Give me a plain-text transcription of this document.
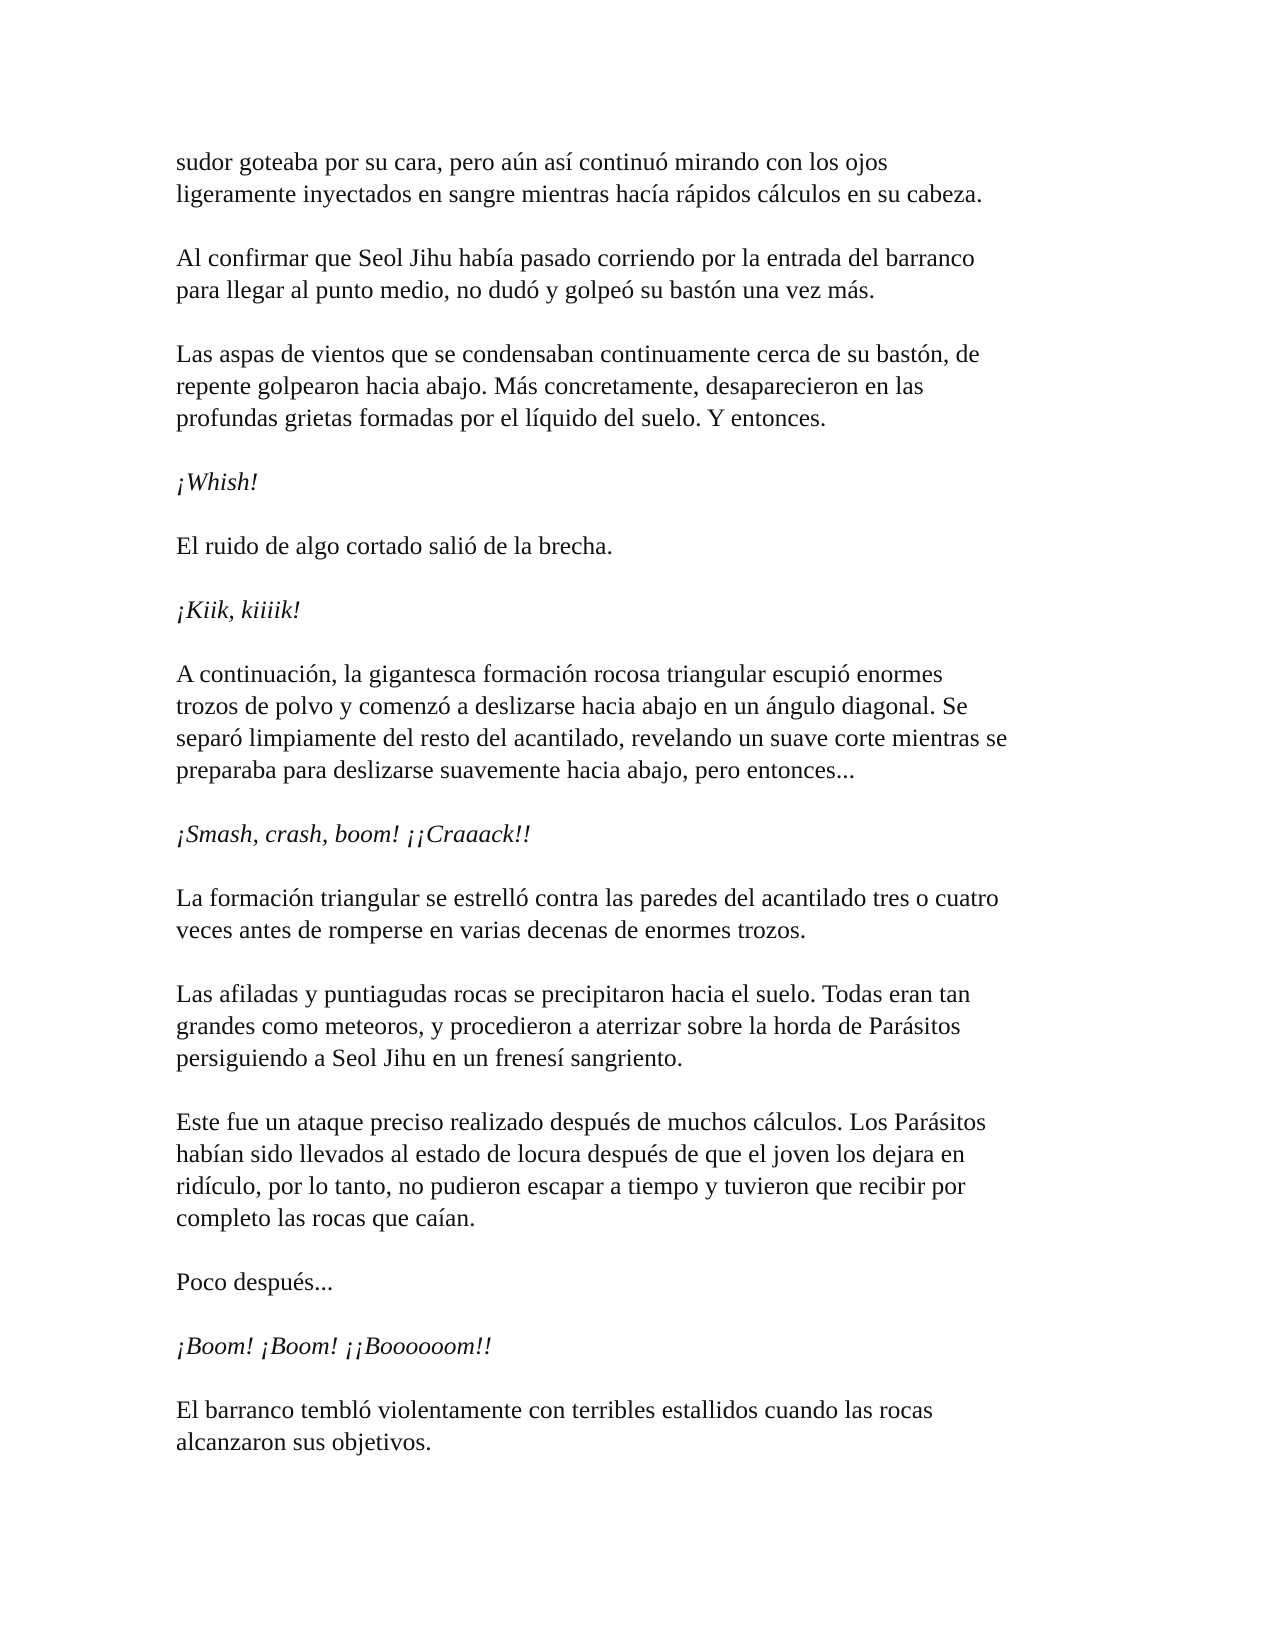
sudor goteaba por su cara, pero aún así continuó mirando con los ojos
ligeramente inyectados en sangre mientras hacía rápidos cálculos en su cabeza.

Al confirmar que Seol Jihu había pasado corriendo por la entrada del barranco
para llegar al punto medio, no dudó y golpeó su bastón una vez más.

Las aspas de vientos que se condensaban continuamente cerca de su bastón, de
repente golpearon hacia abajo. Más concretamente, desaparecieron en las
profundas grietas formadas por el líquido del suelo. Y entonces.

¡Whish!

El ruido de algo cortado salió de la brecha.

¡Kiik, kiiiik!

A continuación, la gigantesca formación rocosa triangular escupió enormes
trozos de polvo y comenzó a deslizarse hacia abajo en un ángulo diagonal. Se
separó limpiamente del resto del acantilado, revelando un suave corte mientras se
preparaba para deslizarse suavemente hacia abajo, pero entonces...

¡Smash, crash, boom! ¡¡Craaack!!

La formación triangular se estrelló contra las paredes del acantilado tres o cuatro
veces antes de romperse en varias decenas de enormes trozos.

Las afiladas y puntiagudas rocas se precipitaron hacia el suelo. Todas eran tan
grandes como meteoros, y procedieron a aterrizar sobre la horda de Parásitos
persiguiendo a Seol Jihu en un frenesí sangriento.

Este fue un ataque preciso realizado después de muchos cálculos. Los Parásitos
habían sido llevados al estado de locura después de que el joven los dejara en
ridículo, por lo tanto, no pudieron escapar a tiempo y tuvieron que recibir por
completo las rocas que caían.

Poco después...

¡Boom! ¡Boom! ¡¡Boooooom!!

El barranco tembló violentamente con terribles estallidos cuando las rocas
alcanzaron sus objetivos.
